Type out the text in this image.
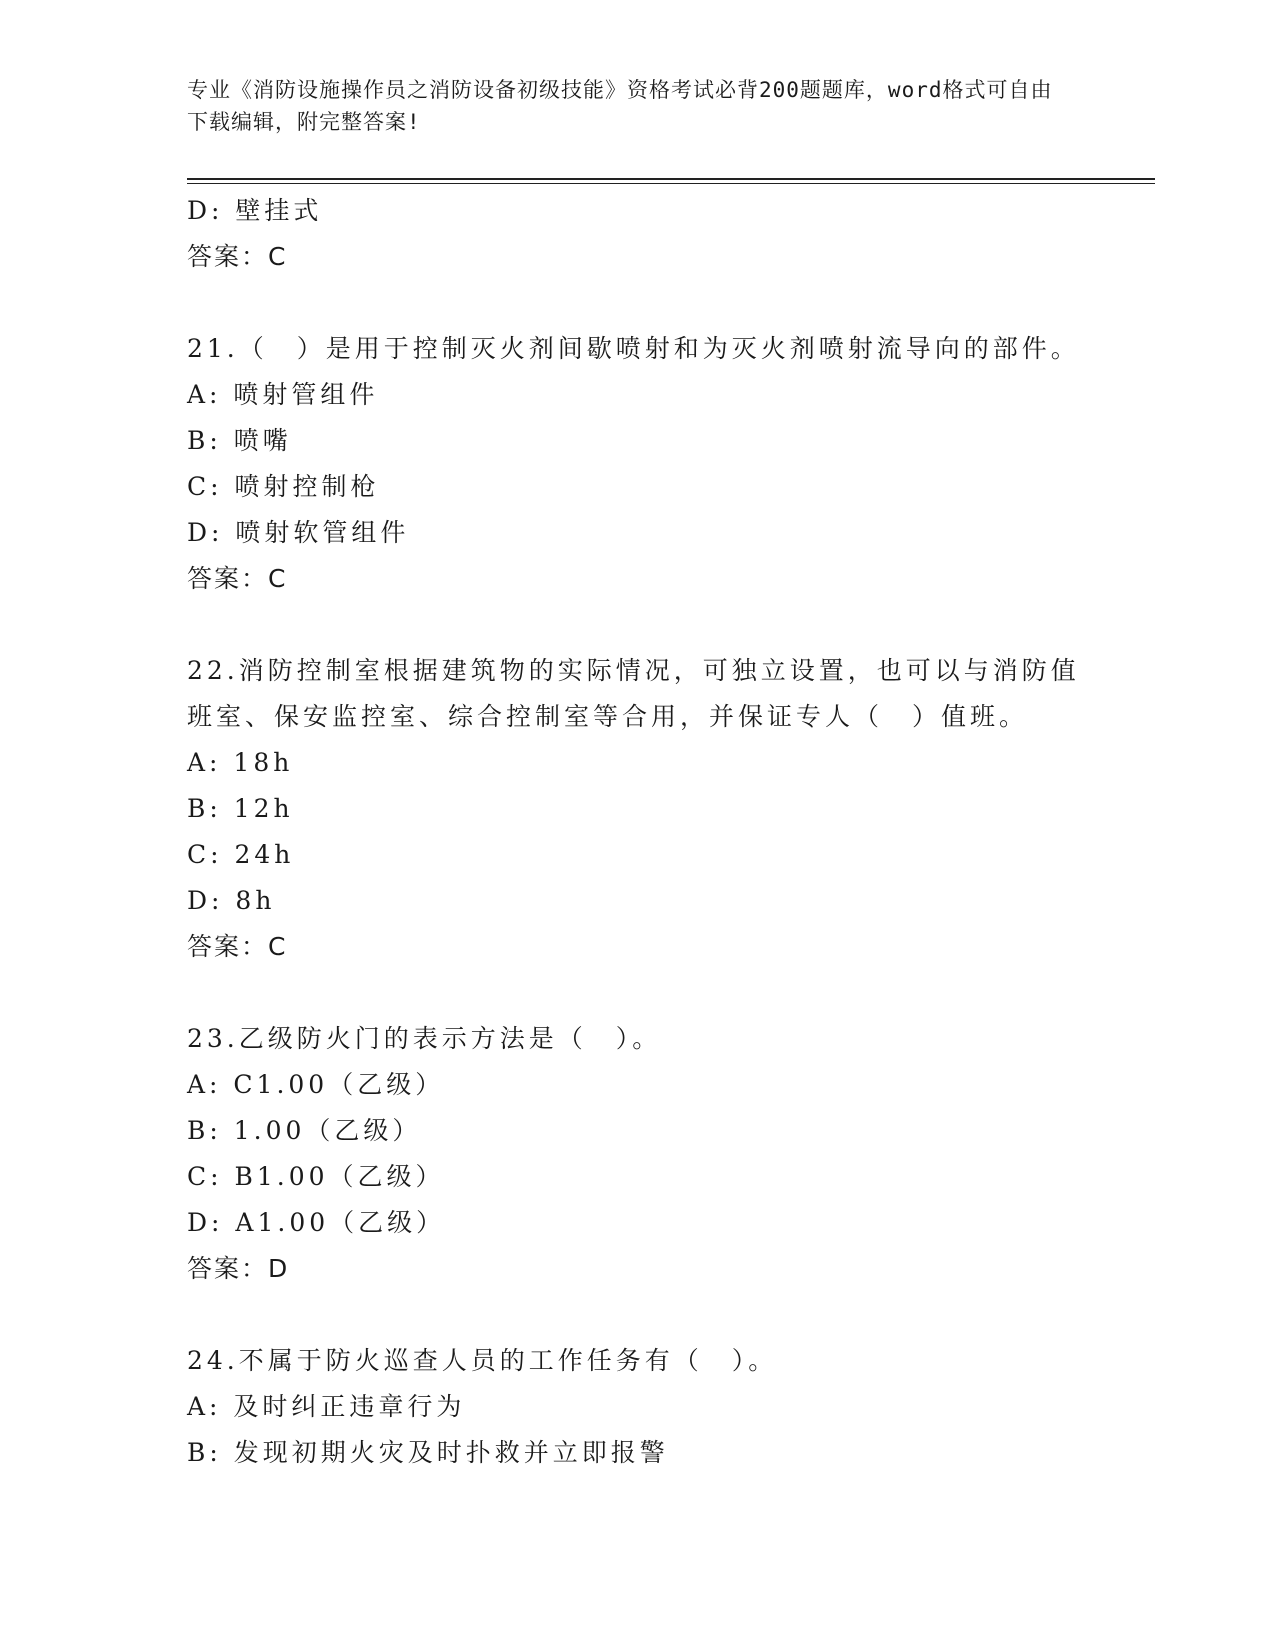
专业《消防设施操作员之消防设备初级技能》资格考试必背200题题库，word格式可自由下载编辑，附完整答案!
D: 壁挂式
答案：C
21.（　）是用于控制灭火剂间歇喷射和为灭火剂喷射流导向的部件。
A: 喷射管组件
B: 喷嘴
C: 喷射控制枪
D: 喷射软管组件
答案：C
22.消防控制室根据建筑物的实际情况，可独立设置，也可以与消防值
班室、保安监控室、综合控制室等合用，并保证专人（　）值班。
A: 18h
B: 12h
C: 24h
D: 8h
答案：C
23.乙级防火门的表示方法是（　）。
A: C1.00（乙级）
B: 1.00（乙级）
C: B1.00（乙级）
D: A1.00（乙级）
答案：D
24.不属于防火巡查人员的工作任务有（　）。
A: 及时纠正违章行为
B: 发现初期火灾及时扑救并立即报警
